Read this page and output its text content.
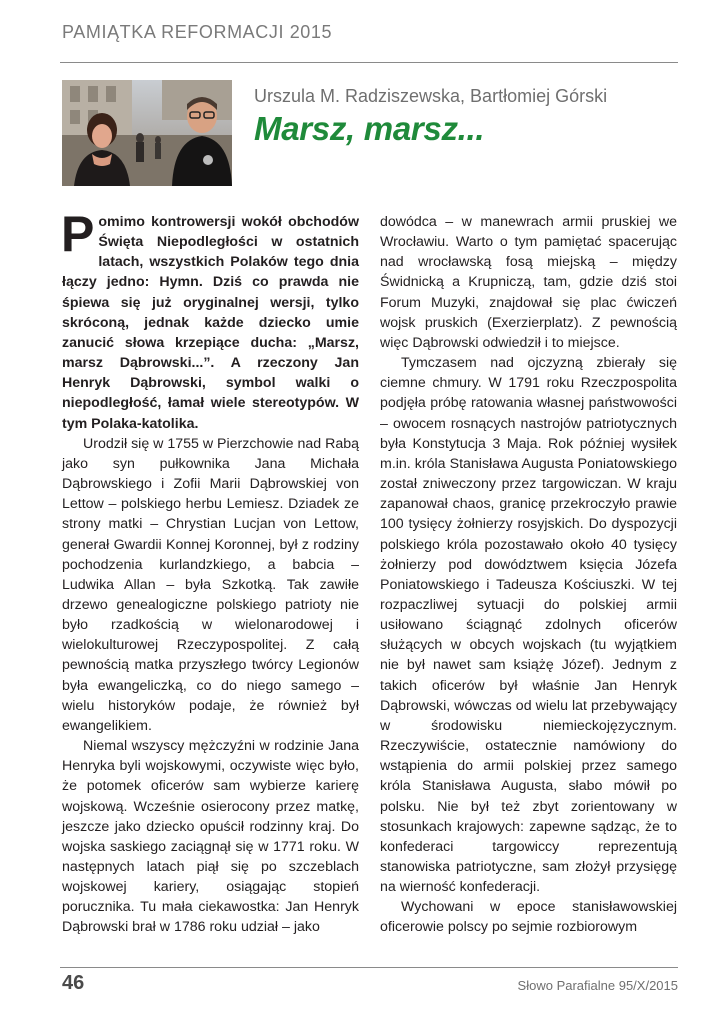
PAMIĄTKA REFORMACJI 2015
Urszula M. Radziszewska, Bartłomiej Górski
Marsz, marsz...

Pomimo kontrowersji wokół obchodów Święta Niepodległości w ostatnich latach, wszystkich Polaków tego dnia łączy jedno: Hymn. Dziś co prawda nie śpiewa się już oryginalnej wersji, tylko skróconą, jednak każde dziecko umie zanucić słowa krzepiące ducha: „Marsz, marsz Dąbrowski...”. A rzeczony Jan Henryk Dąbrowski, symbol walki o niepodległość, łamał wiele stereotypów. W tym Polaka-katolika.

Urodził się w 1755 w Pierzchowie nad Rabą jako syn pułkownika Jana Michała Dąbrowskiego i Zofii Marii Dąbrowskiej von Lettow – polskiego herbu Lemiesz. Dziadek ze strony matki – Chrystian Lucjan von Lettow, generał Gwardii Konnej Koronnej, był z rodziny pochodzenia kurlandzkiego, a babcia – Ludwika Allan – była Szkotką. Tak zawiłe drzewo genealogiczne polskiego patrioty nie było rzadkością w wielonarodowej i wielokulturowej Rzeczypospolitej. Z całą pewnością matka przyszłego twórcy Legionów była ewangeliczką, co do niego samego – wielu historyków podaje, że również był ewangelikiem.

Niemal wszyscy mężczyźni w rodzinie Jana Henryka byli wojskowymi, oczywiste więc było, że potomek oficerów sam wybierze karierę wojskową. Wcześnie osierocony przez matkę, jeszcze jako dziecko opuścił rodzinny kraj. Do wojska saskiego zaciągnął się w 1771 roku. W następnych latach piął się po szczeblach wojskowej kariery, osiągając stopień porucznika. Tu mała ciekawostka: Jan Henryk Dąbrowski brał w 1786 roku udział – jako

dowódca – w manewrach armii pruskiej we Wrocławiu. Warto o tym pamiętać spacerując nad wrocławską fosą miejską – między Świdnicką a Krupniczą, tam, gdzie dziś stoi Forum Muzyki, znajdował się plac ćwiczeń wojsk pruskich (Exerzierplatz). Z pewnością więc Dąbrowski odwiedził i to miejsce.

Tymczasem nad ojczyzną zbierały się ciemne chmury. W 1791 roku Rzeczpospolita podjęła próbę ratowania własnej państwowości – owocem rosnących nastrojów patriotycznych była Konstytucja 3 Maja. Rok później wysiłek m.in. króla Stanisława Augusta Poniatowskiego został zniweczony przez targowiczan. W kraju zapanował chaos, granicę przekroczyło prawie 100 tysięcy żołnierzy rosyjskich. Do dyspozycji polskiego króla pozostawało około 40 tysięcy żołnierzy pod dowództwem księcia Józefa Poniatowskiego i Tadeusza Kościuszki. W tej rozpaczliwej sytuacji do polskiej armii usiłowano ściągnąć zdolnych oficerów służących w obcych wojskach (tu wyjątkiem nie był nawet sam książę Józef). Jednym z takich oficerów był właśnie Jan Henryk Dąbrowski, wówczas od wielu lat przebywający w środowisku niemieckojęzycznym. Rzeczywiście, ostatecznie namówiony do wstąpienia do armii polskiej przez samego króla Stanisława Augusta, słabo mówił po polsku. Nie był też zbyt zorientowany w stosunkach krajowych: zapewne sądząc, że to konfederaci targowiccy reprezentują stanowiska patriotyczne, sam złożył przysięgę na wierność konfederacji.

Wychowani w epoce stanisławowskiej oficerowie polscy po sejmie rozbiorowym

46	Słowo Parafialne 95/X/2015
